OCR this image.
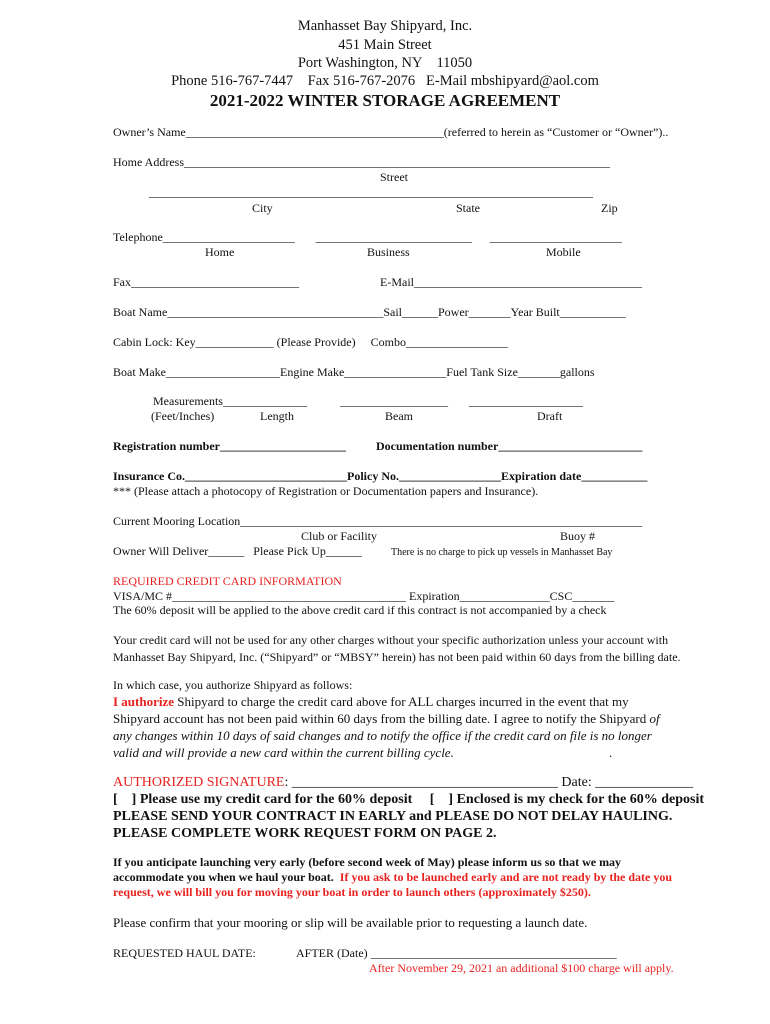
Manhasset Bay Shipyard, Inc.
451 Main Street
Port Washington, NY    11050
Phone 516-767-7447    Fax 516-767-2076   E-Mail mbshipyard@aol.com
2021-2022 WINTER STORAGE AGREEMENT
Owner’s Name___________________________________________(referred to herein as “Customer or “Owner”)..
Home Address_______________________________________________________________________
Street
__________________________________________________________________________
City	State	Zip
Telephone______________________       __________________________      ______________________
Home	Business	Mobile
Fax____________________________	E-Mail______________________________________
Boat Name____________________________________Sail______Power_______Year Built___________
Cabin Lock: Key_____________ (Please Provide)     Combo_________________
Boat Make___________________Engine Make_________________Fuel Tank Size_______gallons
Measurements______________           __________________       ___________________
(Feet/Inches)	Length	Beam	Draft
Registration number_____________________	Documentation number________________________
Insurance Co.___________________________Policy No._________________Expiration date___________
*** (Please attach a photocopy of Registration or Documentation papers and Insurance).
Current Mooring Location___________________________________________________________________
Club or Facility	Buoy #
Owner Will Deliver______   Please Pick Up______	There is no charge to pick up vessels in Manhasset Bay
REQUIRED CREDIT CARD INFORMATION
VISA/MC #_______________________________________ Expiration_______________CSC_______
The 60% deposit will be applied to the above credit card if this contract is not accompanied by a check
Your credit card will not be used for any other charges without your specific authorization unless your account with
Manhasset Bay Shipyard, Inc. (“Shipyard” or “MBSY” herein) has not been paid within 60 days from the billing date.
In which case, you authorize Shipyard as follows:
I authorize Shipyard to charge the credit card above for ALL charges incurred in the event that my
Shipyard account has not been paid within 60 days from the billing date. I agree to notify the Shipyard of
any changes within 10 days of said changes and to notify the office if the credit card on file is no longer
valid and will provide a new card within the current billing cycle.	.
AUTHORIZED SIGNATURE: ______________________________________ Date: ______________
[    ] Please use my credit card for the 60% deposit     [    ] Enclosed is my check for the 60% deposit
PLEASE SEND YOUR CONTRACT IN EARLY and PLEASE DO NOT DELAY HAULING.
PLEASE COMPLETE WORK REQUEST FORM ON PAGE 2.
If you anticipate launching very early (before second week of May) please inform us so that we may
accommodate you when we haul your boat.  If you ask to be launched early and are not ready by the date you
request, we will bill you for moving your boat in order to launch others (approximately $250).
Please confirm that your mooring or slip will be available prior to requesting a launch date.
REQUESTED HAUL DATE:	AFTER (Date) _________________________________________
After November 29, 2021 an additional $100 charge will apply.
